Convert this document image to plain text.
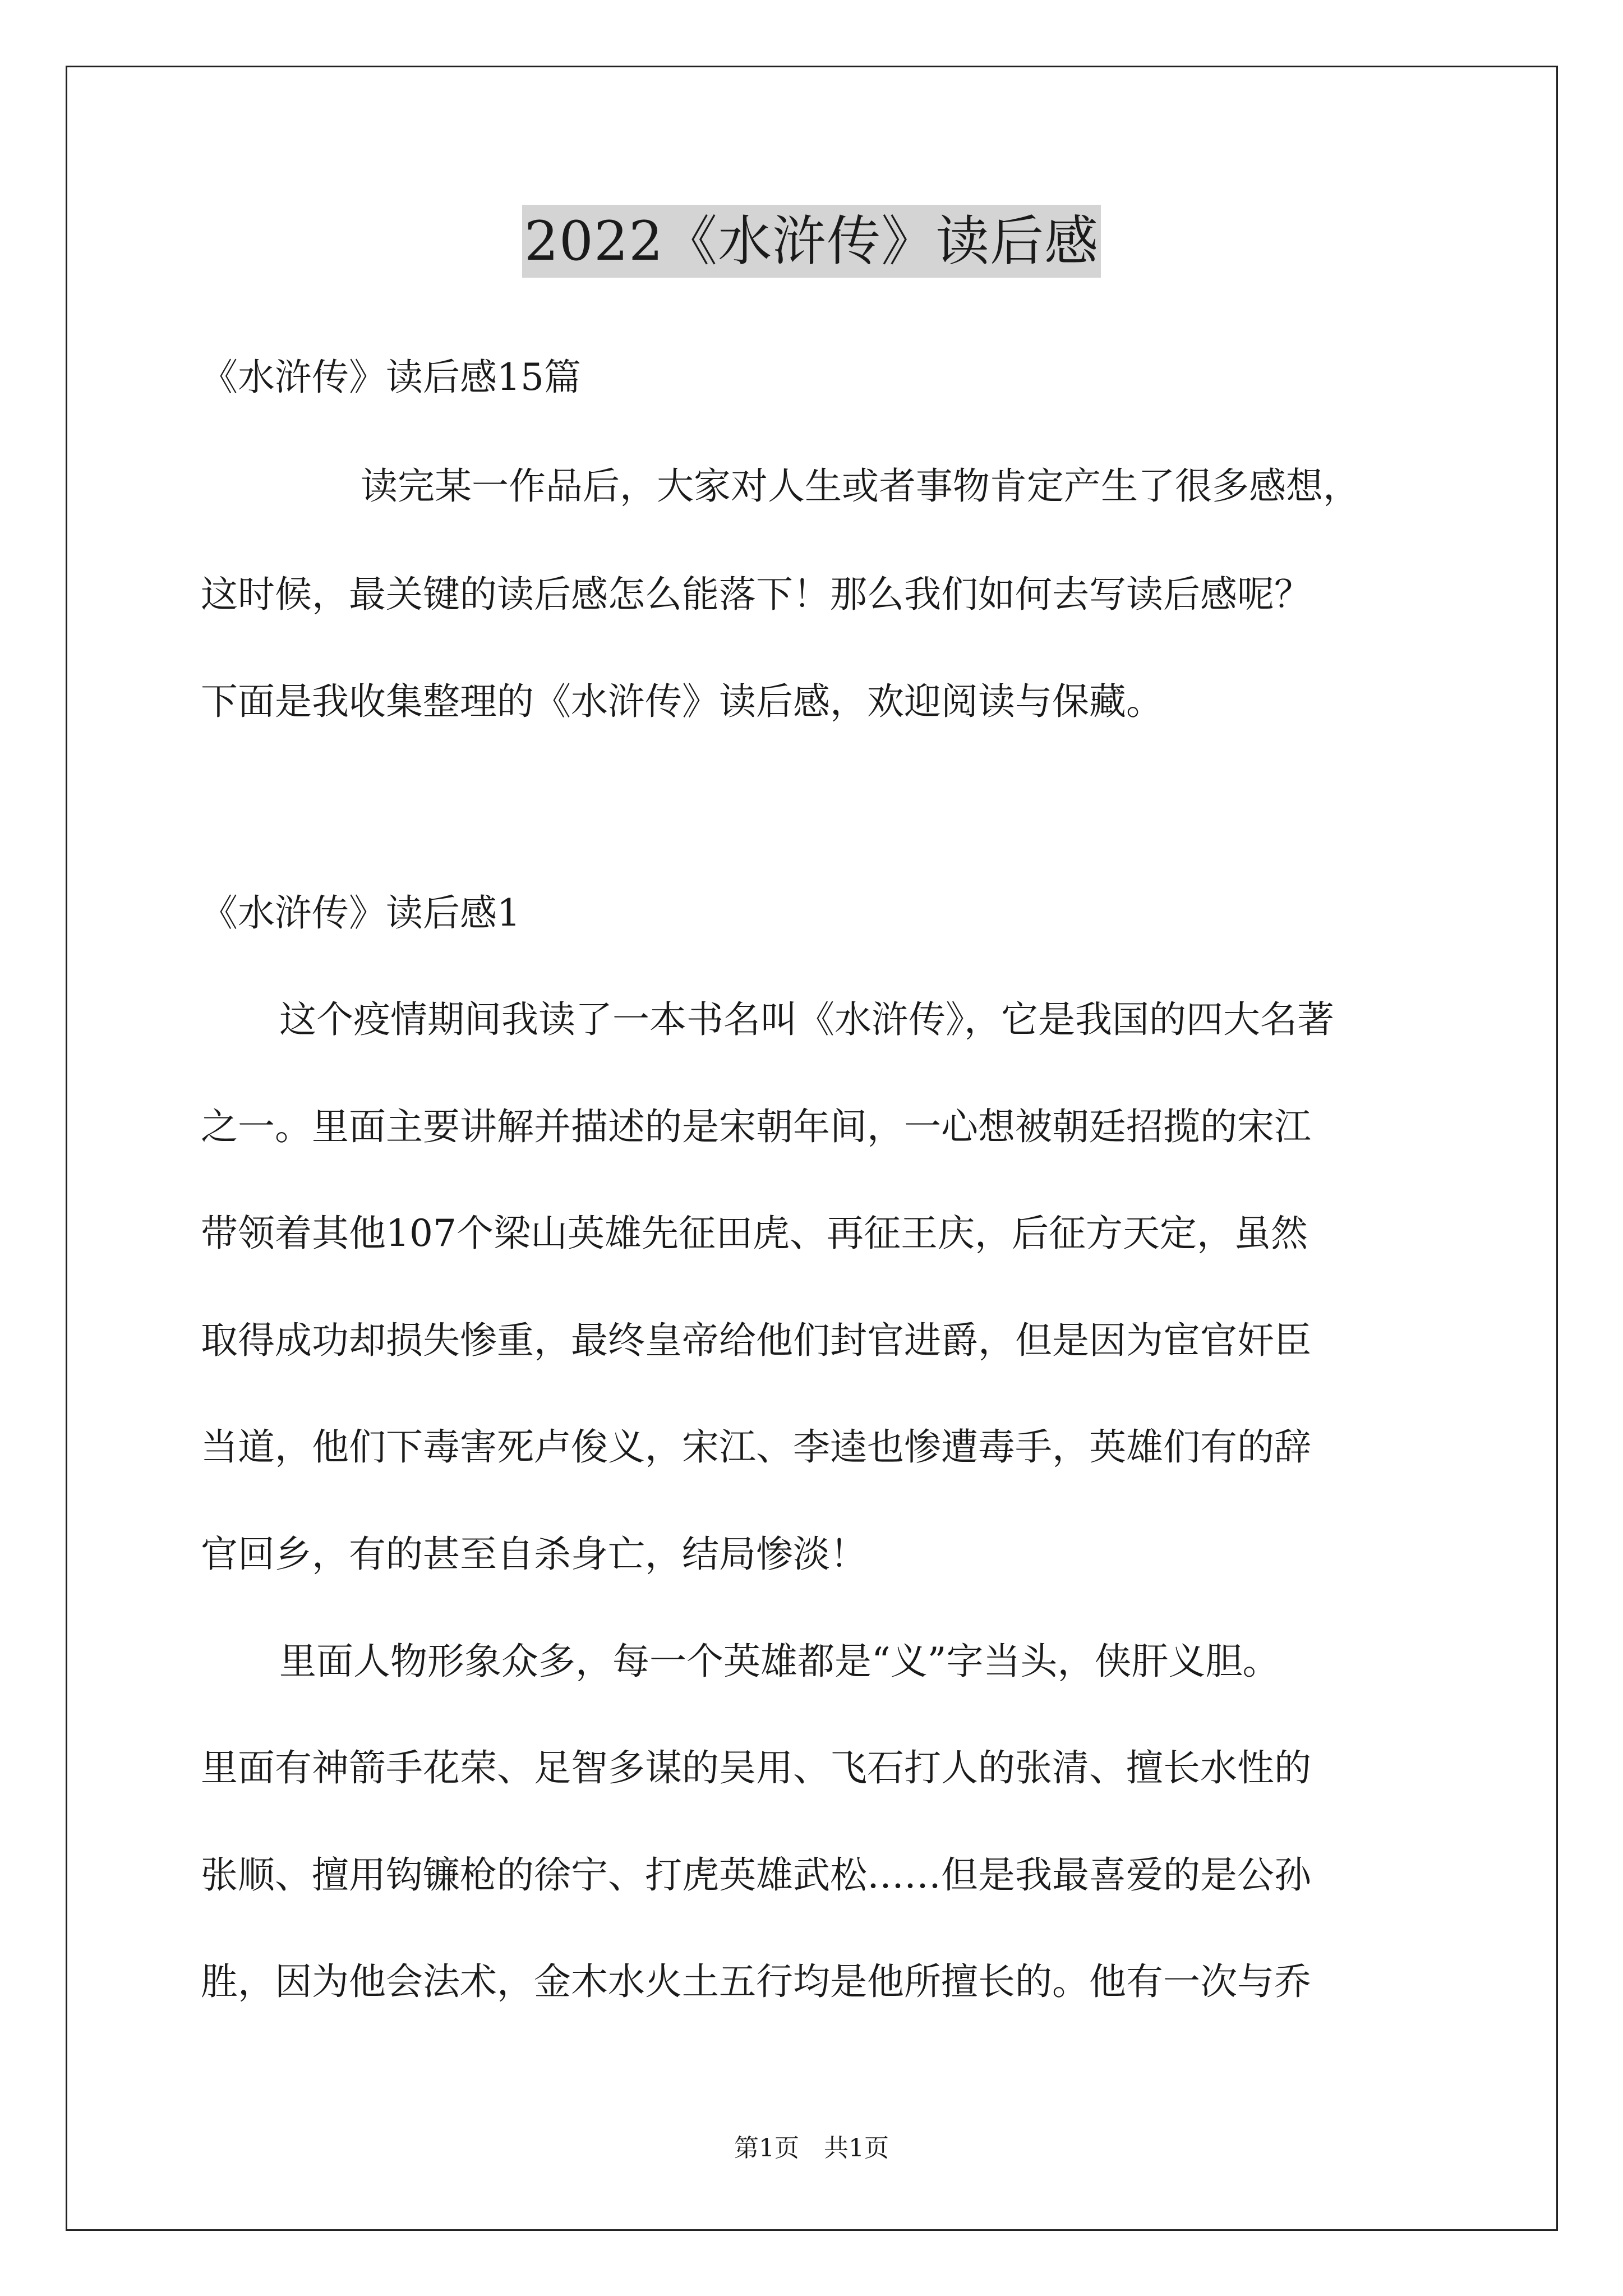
2022《水浒传》读后感

《水浒传》读后感15篇

读完某一作品后，大家对人生或者事物肯定产生了很多感想，

这时候，最关键的读后感怎么能落下！那么我们如何去写读后感呢？

下面是我收集整理的《水浒传》读后感，欢迎阅读与保藏。

《水浒传》读后感1

这个疫情期间我读了一本书名叫《水浒传》，它是我国的四大名著

之一。里面主要讲解并描述的是宋朝年间，一心想被朝廷招揽的宋江

带领着其他107个梁山英雄先征田虎、再征王庆，后征方天定，虽然

取得成功却损失惨重，最终皇帝给他们封官进爵，但是因为宦官奸臣

当道，他们下毒害死卢俊义，宋江、李逵也惨遭毒手，英雄们有的辞

官回乡，有的甚至自杀身亡，结局惨淡！

里面人物形象众多，每一个英雄都是“义”字当头，侠肝义胆。

里面有神箭手花荣、足智多谋的吴用、飞石打人的张清、擅长水性的

张顺、擅用钩镰枪的徐宁、打虎英雄武松……但是我最喜爱的是公孙

胜，因为他会法术，金木水火土五行均是他所擅长的。他有一次与乔

第1页　共1页
